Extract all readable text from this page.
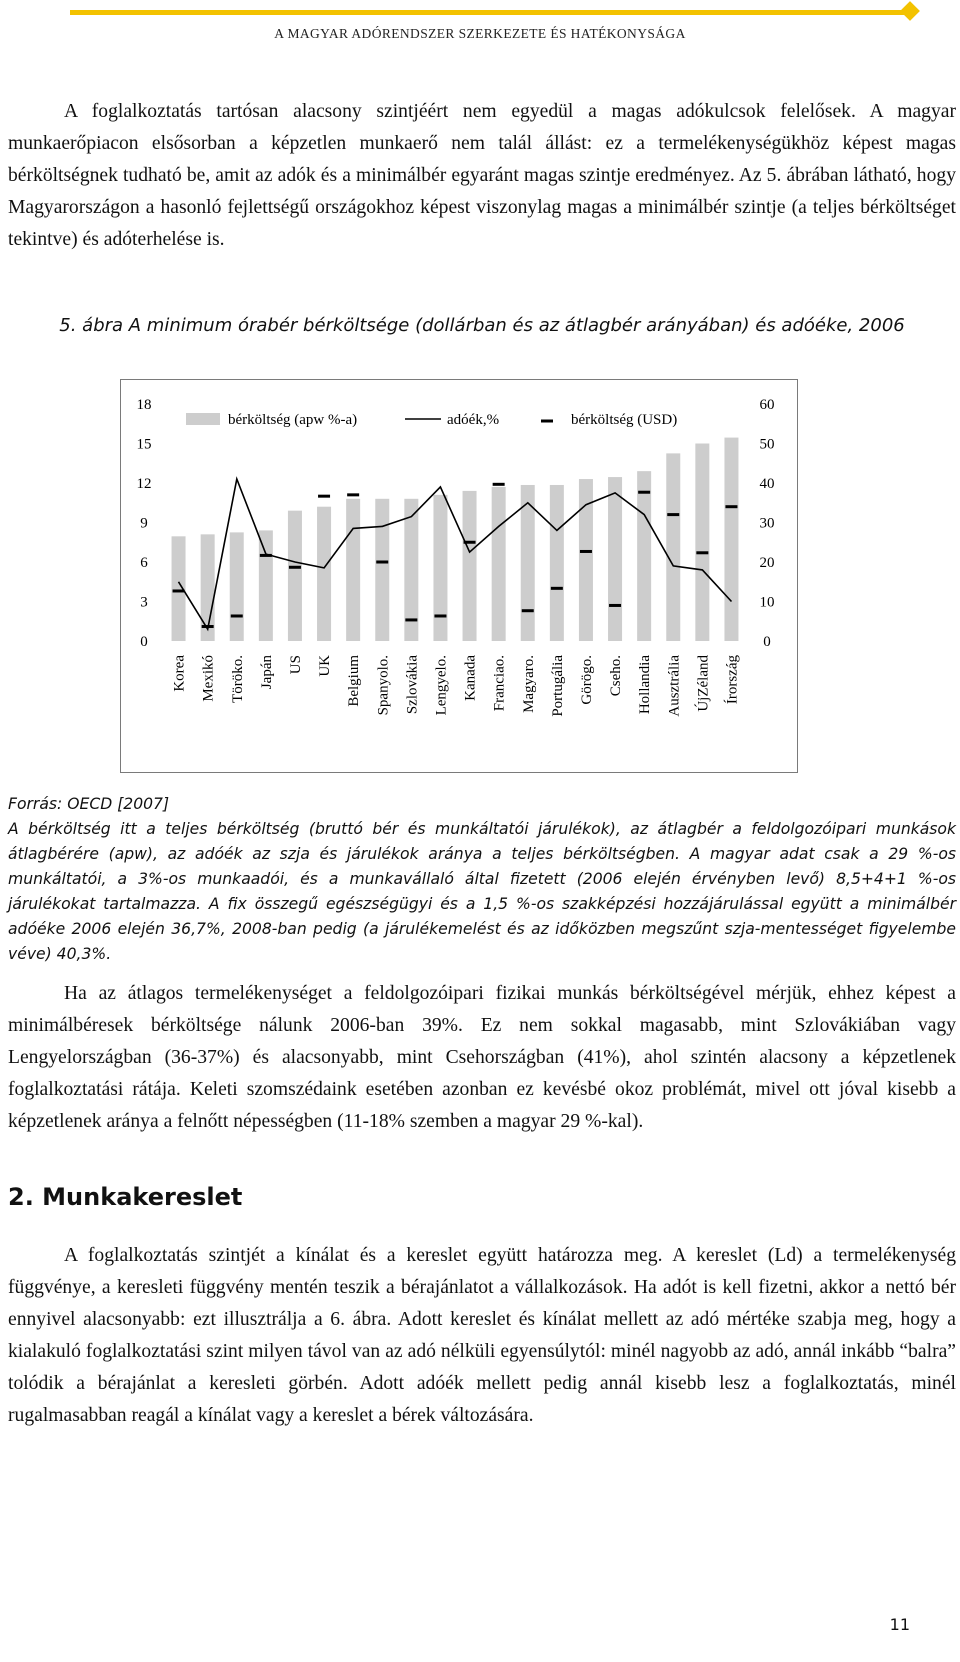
A MAGYAR ADÓRENDSZER SZERKEZETE ÉS HATÉKONYSÁGA

A foglalkoztatás tartósan alacsony szintjéért nem egyedül a magas adókulcsok felelősek. A magyar munkaerőpiacon elsősorban a képzetlen munkaerő nem talál állást: ez a termelékenységükhöz képest magas bérköltségnek tudható be, amit az adók és a minimálbér egyaránt magas szintje eredményez. Az 5. ábrában látható, hogy Magyarországon a hasonló fejlettségű országokhoz képest viszonylag magas a minimálbér szintje (a teljes bérköltséget tekintve) és adóterhelése is.

5. ábra A minimum órabér bérköltsége (dollárban és az átlagbér arányában) és adóéke, 2006

0
3
6
9
12
15
18
0
10
20
30
40
50
60
Korea Mexikó Törökо. Japán US UK Belgium Spanyolo. Szlovákia Lengyelo. Kanada Franciao. Magyaro. Portugália Görögo. Cseho. Hollandia Ausztrália ÚjZéland Írország
bérköltség (apw %-a)	adóék,%	bérköltség (USD)
Forrás: OECD [2007]
A bérköltség itt a teljes bérköltség (bruttó bér és munkáltatói járulékok), az átlagbér a feldolgozóipari munkások átlagbérére (apw), az adóék az szja és járulékok aránya a teljes bérköltségben. A magyar adat csak a 29 %-os munkáltatói, a 3%-os munkaadói, és a munkavállaló által fizetett (2006 elején érvényben levő) 8,5+4+1 %-os járulékokat tartalmazza. A fix összegű egészségügyi és a 1,5 %-os szakképzési hozzájárulással együtt a minimálbér adóéke 2006 elején 36,7%, 2008-ban pedig (a járulékemelést és az időközben megszűnt szja-mentességet figyelembe véve) 40,3%.

Ha az átlagos termelékenységet a feldolgozóipari fizikai munkás bérköltségével mérjük, ehhez képest a minimálbéresek bérköltsége nálunk 2006-ban 39%. Ez nem sokkal magasabb, mint Szlovákiában vagy Lengyelországban (36-37%) és alacsonyabb, mint Csehországban (41%), ahol szintén alacsony a képzetlenek foglalkoztatási rátája. Keleti szomszédaink esetében azonban ez kevésbé okoz problémát, mivel ott jóval kisebb a képzetlenek aránya a felnőtt népességben (11-18% szemben a magyar 29 %-kal).

2. Munkakereslet

A foglalkoztatás szintjét a kínálat és a kereslet együtt határozza meg. A kereslet (Ld) a termelékenység függvénye, a keresleti függvény mentén teszik a bérajánlatot a vállalkozások. Ha adót is kell fizetni, akkor a nettó bér ennyivel alacsonyabb: ezt illusztrálja a 6. ábra. Adott kereslet és kínálat mellett az adó mértéke szabja meg, hogy a kialakuló foglalkoztatási szint milyen távol van az adó nélküli egyensúlytól: minél nagyobb az adó, annál inkább “balra” tolódik a bérajánlat a keresleti görbén. Adott adóék mellett pedig annál kisebb lesz a foglalkoztatás, minél rugalmasabban reagál a kínálat vagy a kereslet a bérek változására.

11
